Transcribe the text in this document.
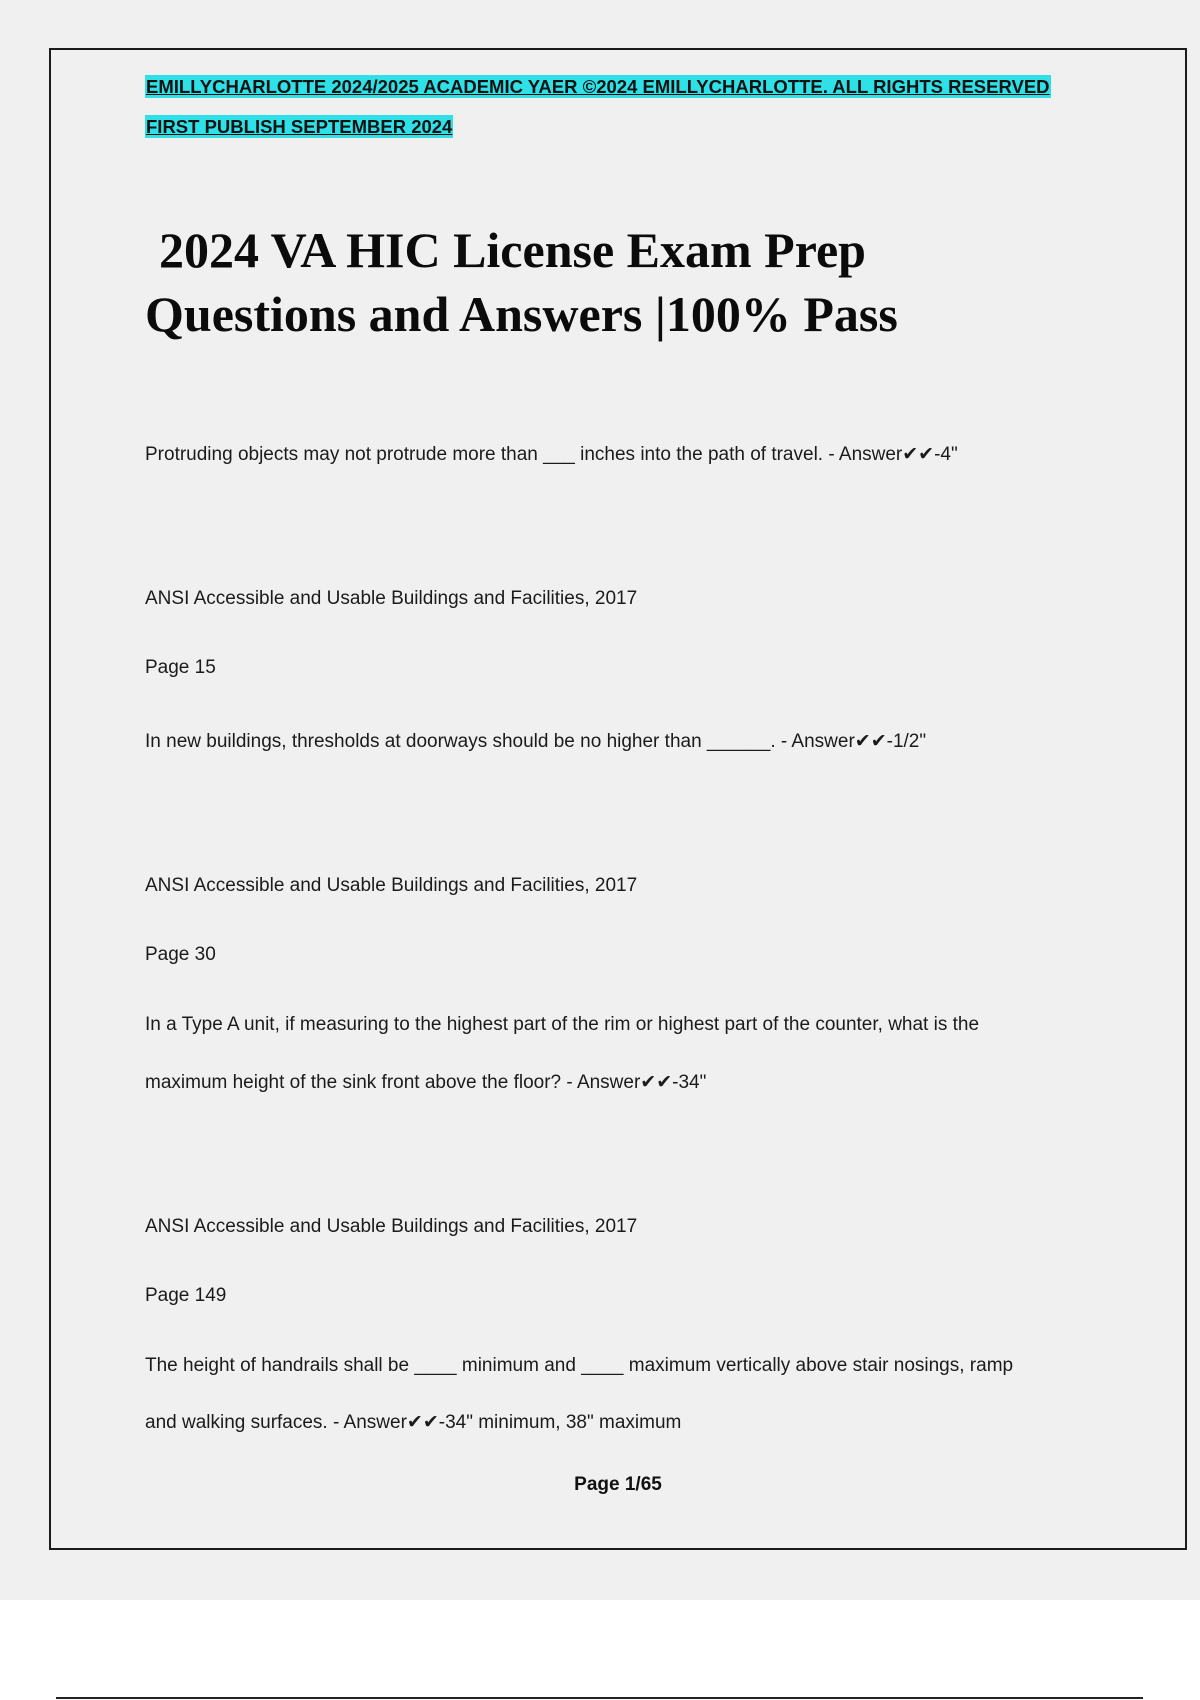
EMILLYCHARLOTTE 2024/2025 ACADEMIC YAER ©2024 EMILLYCHARLOTTE. ALL RIGHTS RESERVED
FIRST PUBLISH SEPTEMBER 2024
2024 VA HIC License Exam Prep
Questions and Answers |100% Pass
Protruding objects may not protrude more than ___ inches into the path of travel. - Answer✔✔-4"
ANSI Accessible and Usable Buildings and Facilities, 2017
Page 15
In new buildings, thresholds at doorways should be no higher than ______. - Answer✔✔-1/2"
ANSI Accessible and Usable Buildings and Facilities, 2017
Page 30
In a Type A unit, if measuring to the highest part of the rim or highest part of the counter, what is the
maximum height of the sink front above the floor? - Answer✔✔-34"
ANSI Accessible and Usable Buildings and Facilities, 2017
Page 149
The height of handrails shall be ____ minimum and ____ maximum vertically above stair nosings, ramp
and walking surfaces. - Answer✔✔-34" minimum, 38" maximum
Page 1/65
